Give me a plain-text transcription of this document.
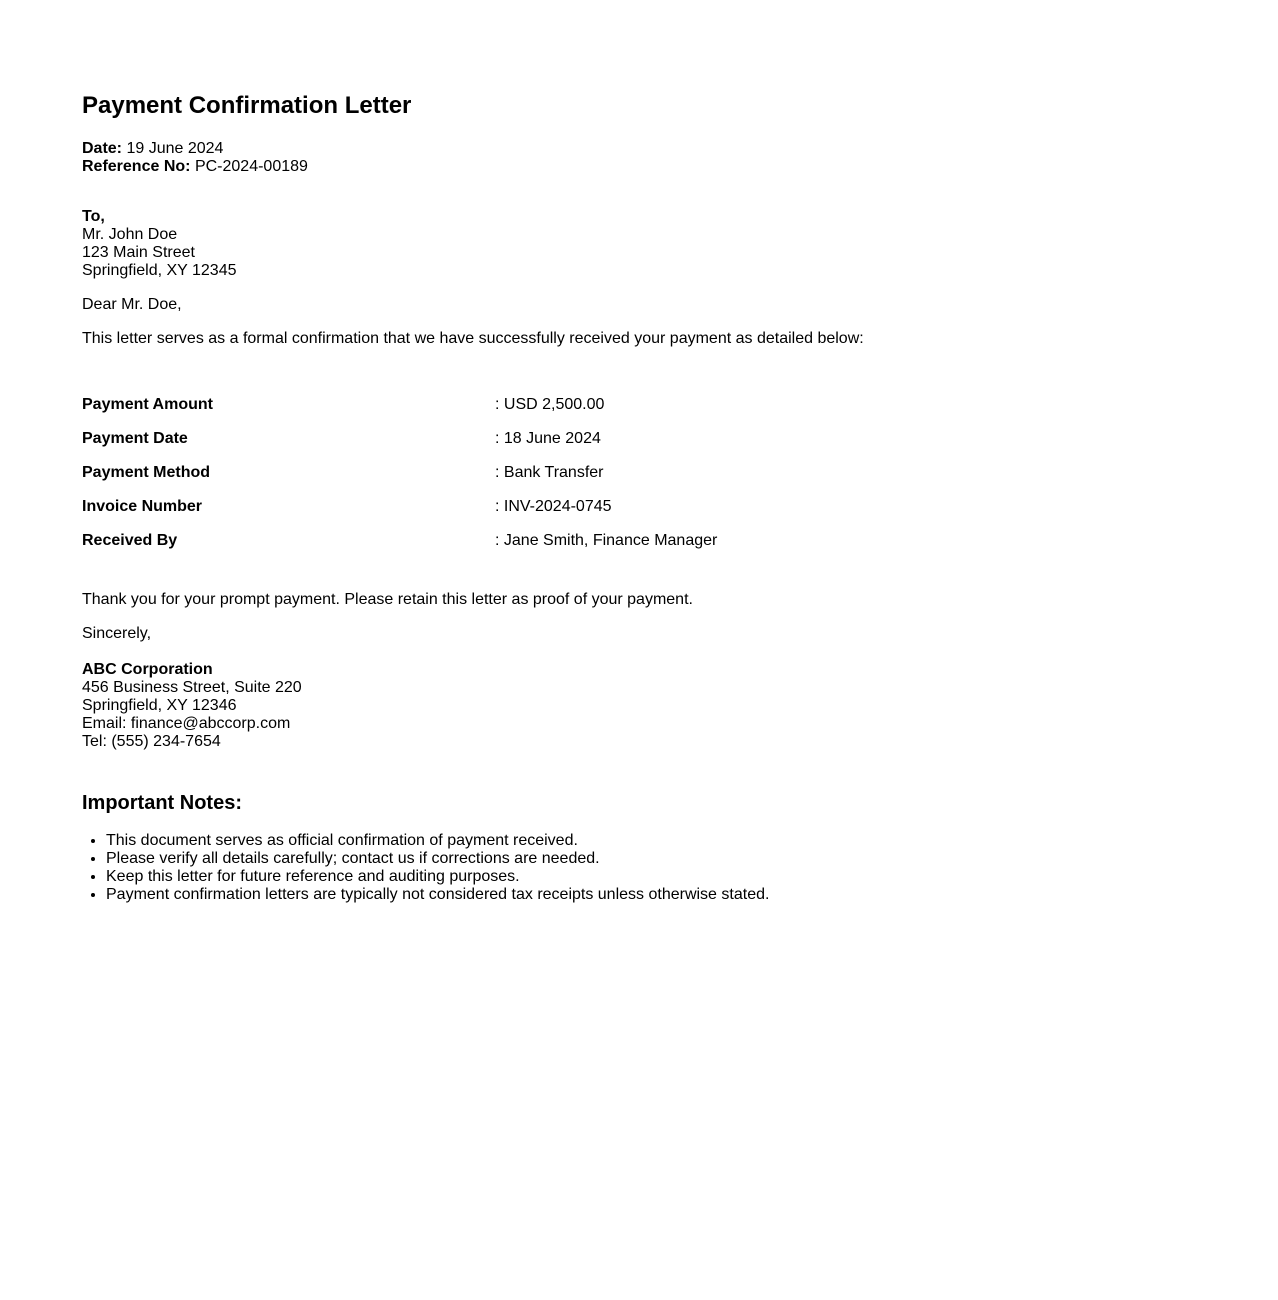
Payment Confirmation Letter
Date: 19 June 2024
Reference No: PC-2024-00189
To,
Mr. John Doe
123 Main Street
Springfield, XY 12345
Dear Mr. Doe,
This letter serves as a formal confirmation that we have successfully received your payment as detailed below:
Payment Amount	: USD 2,500.00
Payment Date	: 18 June 2024
Payment Method	: Bank Transfer
Invoice Number	: INV-2024-0745
Received By	: Jane Smith, Finance Manager
Thank you for your prompt payment. Please retain this letter as proof of your payment.
Sincerely,
ABC Corporation
456 Business Street, Suite 220
Springfield, XY 12346
Email: finance@abccorp.com
Tel: (555) 234-7654
Important Notes:
• This document serves as official confirmation of payment received.
• Please verify all details carefully; contact us if corrections are needed.
• Keep this letter for future reference and auditing purposes.
• Payment confirmation letters are typically not considered tax receipts unless otherwise stated.
